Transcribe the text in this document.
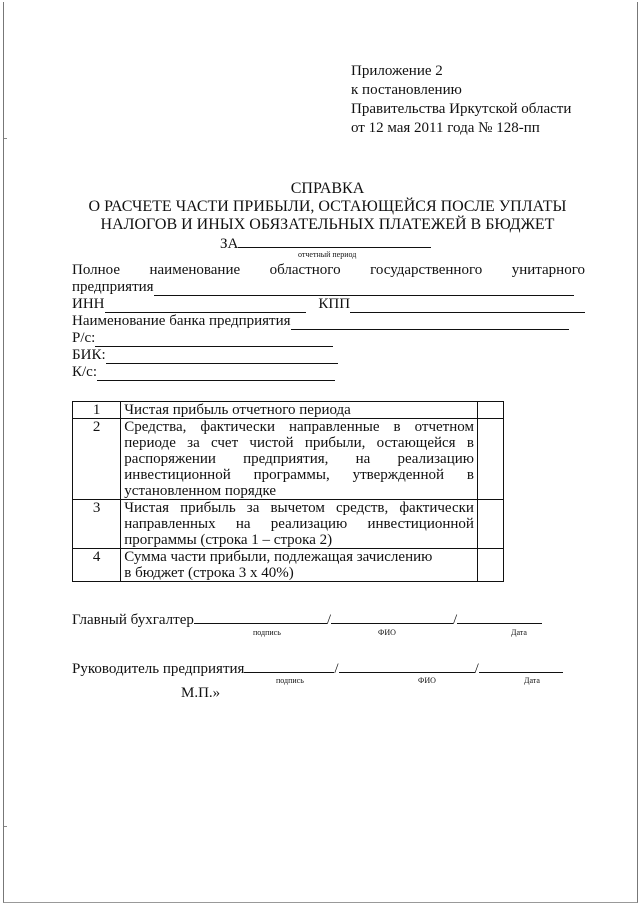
Приложение 2
к постановлению
Правительства Иркутской области
от 12 мая 2011 года № 128-пп
СПРАВКА
О РАСЧЕТЕ ЧАСТИ ПРИБЫЛИ, ОСТАЮЩЕЙСЯ ПОСЛЕ УПЛАТЫ
НАЛОГОВ И ИНЫХ ОБЯЗАТЕЛЬНЫХ ПЛАТЕЖЕЙ В БЮДЖЕТ
ЗА
отчетный период
Полное наименование областного государственного унитарного
предприятия
ИНН	КПП
Наименование банка предприятия
Р/с:
БИК:
К/с:
1	Чистая прибыль отчетного периода	
2	Средства, фактически направленные в отчетном периоде за счет чистой прибыли, остающейся в распоряжении предприятия, на реализацию инвестиционной программы, утвержденной в установленном порядке	
3	Чистая прибыль за вычетом средств, фактически направленных на реализацию инвестиционной программы (строка 1 – строка 2)	
4	Сумма части прибыли, подлежащая зачислению
в бюджет (строка 3 x 40%)	

Главный бухгалтер	/	/
подпись	ФИО	Дата
Руководитель предприятия	/	/
подпись	ФИО	Дата
М.П.»
